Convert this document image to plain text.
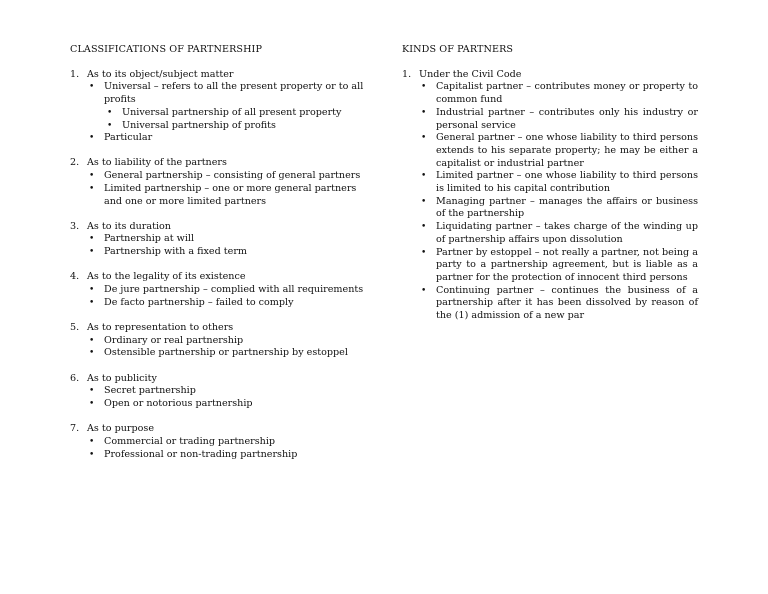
CLASSIFICATIONS OF PARTNERSHIP
1. As to its object/subject matter
• Universal – refers to all the present property or to all profits
• Universal partnership of all present property
• Universal partnership of profits
• Particular
2. As to liability of the partners
• General partnership – consisting of general partners
• Limited partnership – one or more general partners and one or more limited partners
3. As to its duration
• Partnership at will
• Partnership with a fixed term
4. As to the legality of its existence
• De jure partnership – complied with all requirements
• De facto partnership – failed to comply
5. As to representation to others
• Ordinary or real partnership
• Ostensible partnership or partnership by estoppel
6. As to publicity
• Secret partnership
• Open or notorious partnership
7. As to purpose
• Commercial or trading partnership
• Professional or non-trading partnership
KINDS OF PARTNERS
1. Under the Civil Code
• Capitalist partner – contributes money or property to common fund
• Industrial partner – contributes only his industry or personal service
• General partner – one whose liability to third persons extends to his separate property; he may be either a capitalist or industrial partner
• Limited partner – one whose liability to third persons is limited to his capital contribution
• Managing partner – manages the affairs or business of the partnership
• Liquidating partner – takes charge of the winding up of partnership affairs upon dissolution
• Partner by estoppel – not really a partner, not being a party to a partnership agreement, but is liable as a partner for the protection of innocent third persons
• Continuing partner – continues the business of a partnership after it has been dissolved by reason of the (1) admission of a new par
